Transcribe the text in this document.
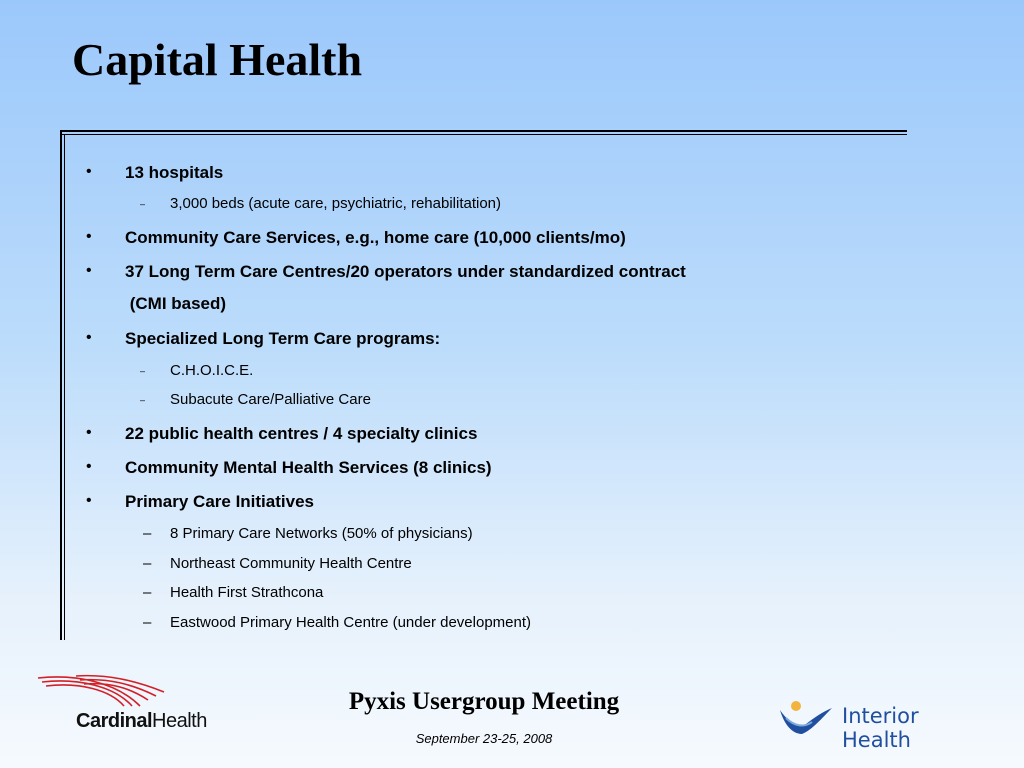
Capital Health
• 13 hospitals
– 3,000 beds (acute care, psychiatric, rehabilitation)
• Community Care Services, e.g., home care (10,000 clients/mo)
• 37 Long Term Care Centres/20 operators under standardized contract
(CMI based)
• Specialized Long Term Care programs:
– C.H.O.I.C.E.
– Subacute Care/Palliative Care
• 22 public health centres / 4 specialty clinics
• Community Mental Health Services (8 clinics)
• Primary Care Initiatives
– 8 Primary Care Networks (50% of physicians)
– Northeast Community Health Centre
– Health First Strathcona
– Eastwood Primary Health Centre (under development)
CardinalHealth
Pyxis Usergroup Meeting
September 23-25, 2008
Interior Health
